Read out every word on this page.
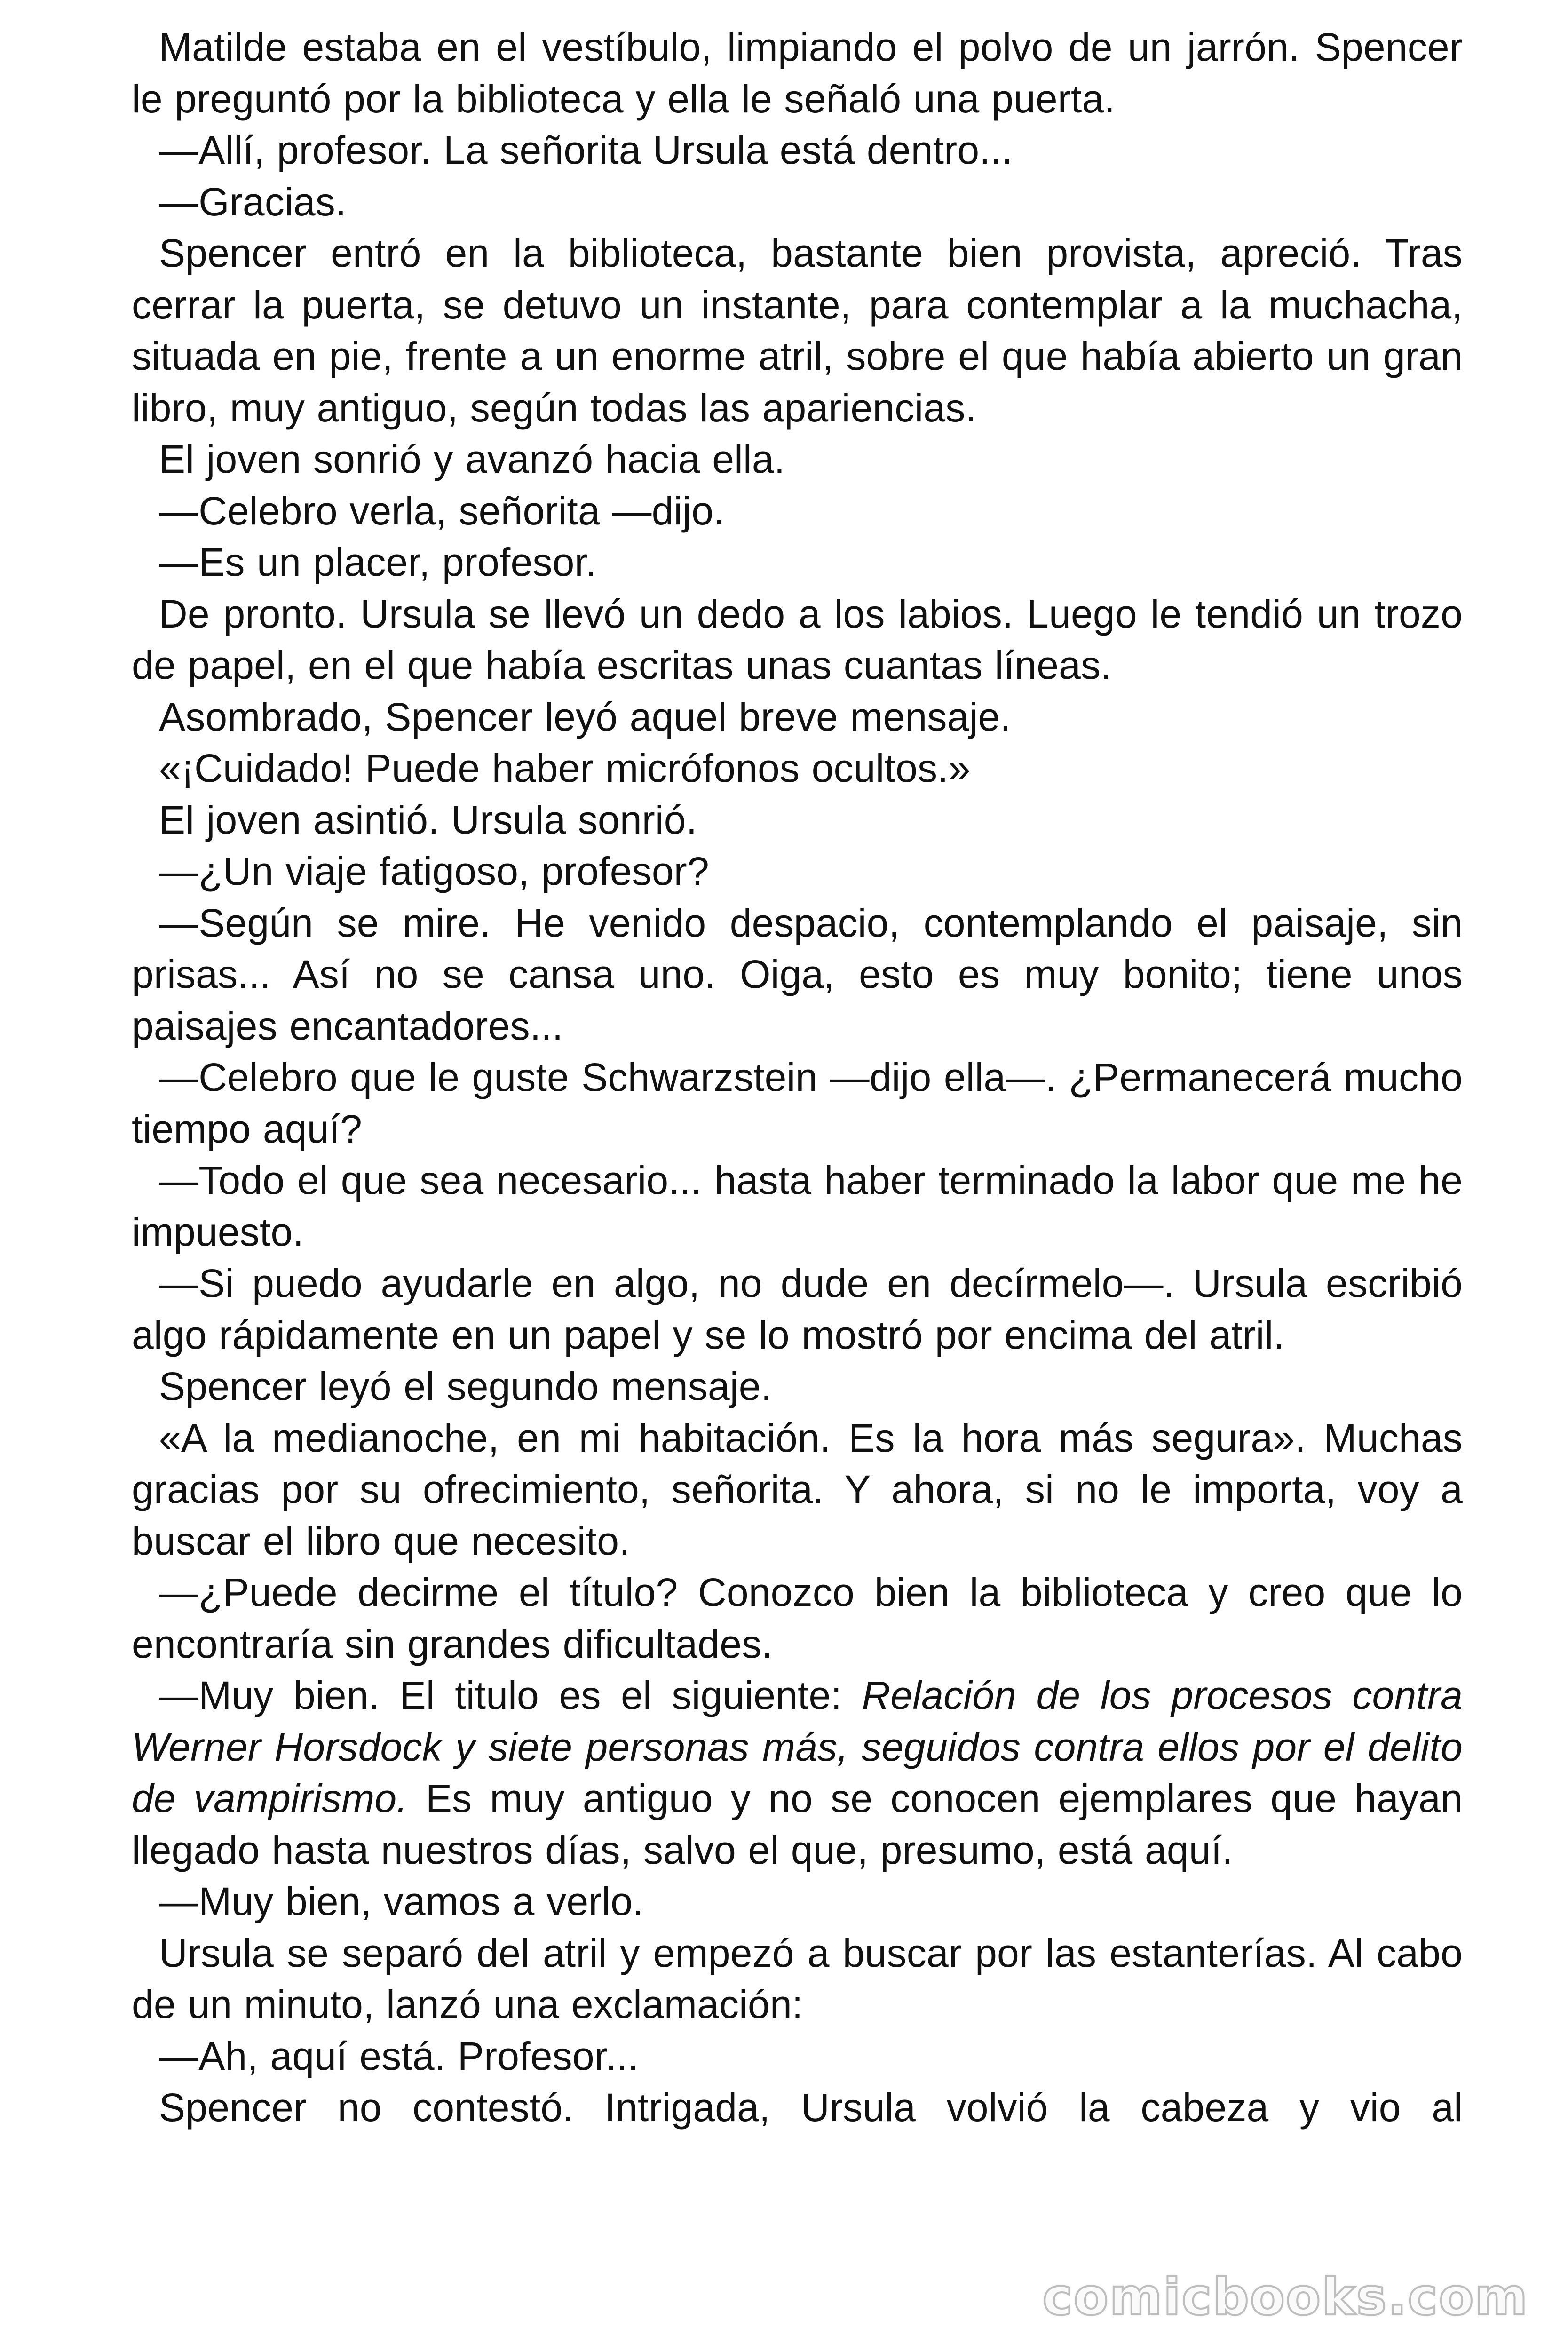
Matilde estaba en el vestíbulo, limpiando el polvo de un jarrón. Spencer le preguntó por la biblioteca y ella le señaló una puerta.

—Allí, profesor. La señorita Ursula está dentro...

—Gracias.

Spencer entró en la biblioteca, bastante bien provista, apreció. Tras cerrar la puerta, se detuvo un instante, para contemplar a la muchacha, situada en pie, frente a un enorme atril, sobre el que había abierto un gran libro, muy antiguo, según todas las apariencias.

El joven sonrió y avanzó hacia ella.

—Celebro verla, señorita —dijo.

—Es un placer, profesor.

De pronto. Ursula se llevó un dedo a los labios. Luego le tendió un trozo de papel, en el que había escritas unas cuantas líneas.

Asombrado, Spencer leyó aquel breve mensaje.

«¡Cuidado! Puede haber micrófonos ocultos.»

El joven asintió. Ursula sonrió.

—¿Un viaje fatigoso, profesor?

—Según se mire. He venido despacio, contemplando el paisaje, sin prisas... Así no se cansa uno. Oiga, esto es muy bonito; tiene unos paisajes encantadores...

—Celebro que le guste Schwarzstein —dijo ella—. ¿Permanecerá mucho tiempo aquí?

—Todo el que sea necesario... hasta haber terminado la labor que me he impuesto.

—Si puedo ayudarle en algo, no dude en decírmelo—. Ursula escribió algo rápidamente en un papel y se lo mostró por encima del atril.

Spencer leyó el segundo mensaje.

«A la medianoche, en mi habitación. Es la hora más segura». Muchas gracias por su ofrecimiento, señorita. Y ahora, si no le importa, voy a buscar el libro que necesito.

—¿Puede decirme el título? Conozco bien la biblioteca y creo que lo encontraría sin grandes dificultades.

—Muy bien. El titulo es el siguiente: Relación de los procesos contra Werner Horsdock y siete personas más, seguidos contra ellos por el delito de vampirismo. Es muy antiguo y no se conocen ejemplares que hayan llegado hasta nuestros días, salvo el que, presumo, está aquí.

—Muy bien, vamos a verlo.

Ursula se separó del atril y empezó a buscar por las estanterías. Al cabo de un minuto, lanzó una exclamación:

—Ah, aquí está. Profesor...

Spencer no contestó. Intrigada, Ursula volvió la cabeza y vio al

comicbooks.com
